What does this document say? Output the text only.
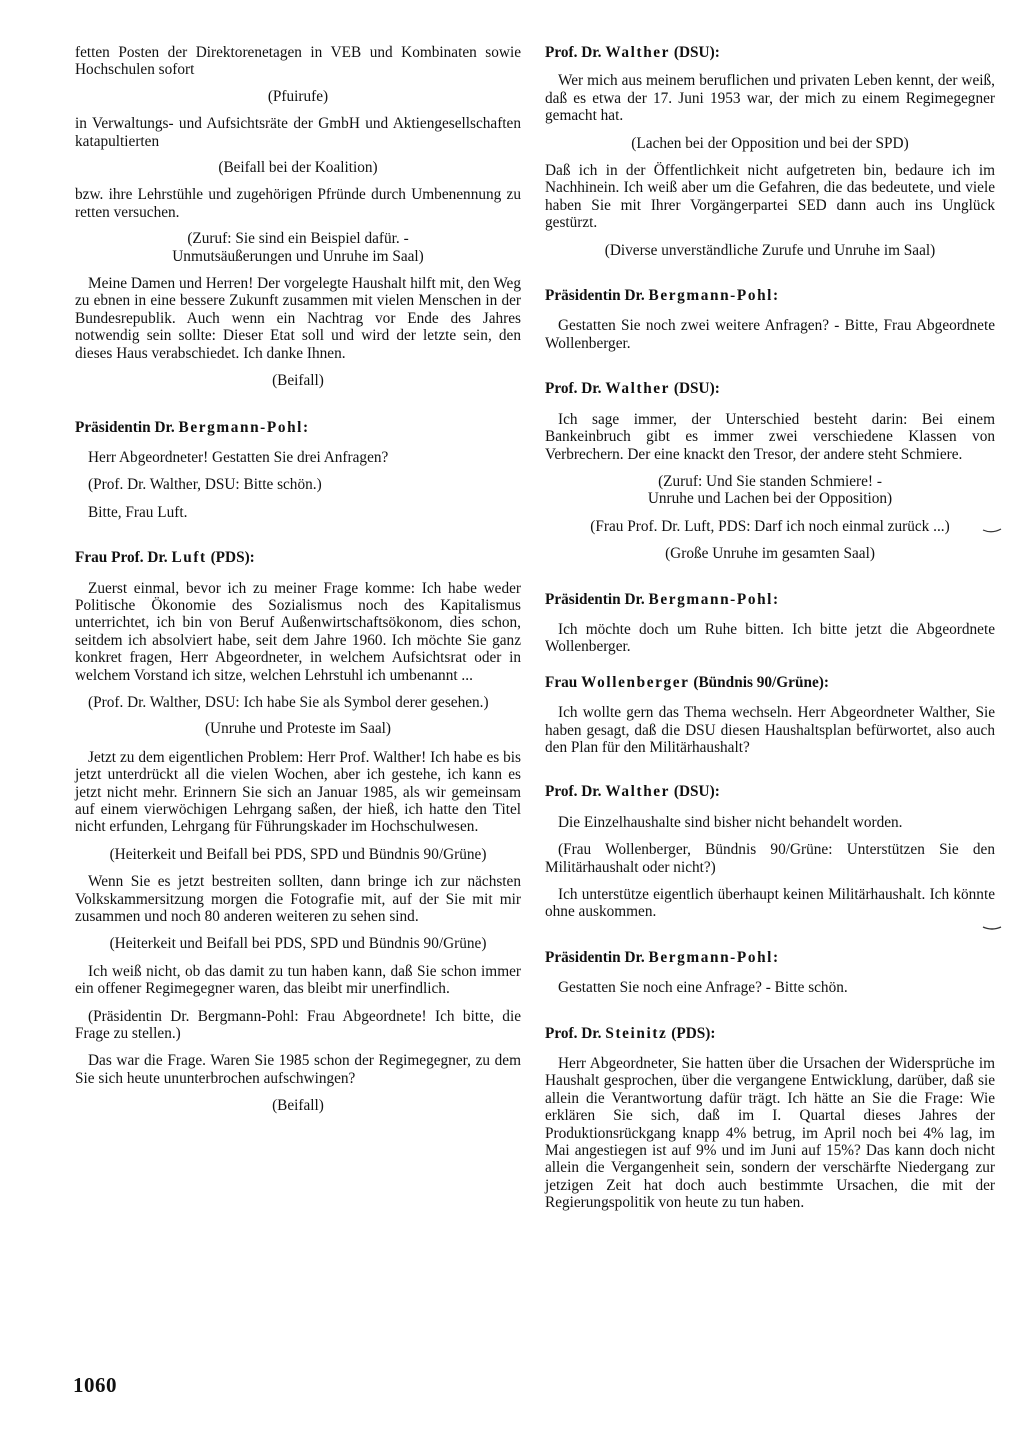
fetten Posten der Direktorenetagen in VEB und Kombinaten sowie Hochschulen sofort

(Pfuirufe)

in Verwaltungs- und Aufsichtsräte der GmbH und Aktiengesellschaften katapultierten

(Beifall bei der Koalition)

bzw. ihre Lehrstühle und zugehörigen Pfründe durch Umbenennung zu retten versuchen.

(Zuruf: Sie sind ein Beispiel dafür. -
Unmutsäußerungen und Unruhe im Saal)

Meine Damen und Herren! Der vorgelegte Haushalt hilft mit, den Weg zu ebnen in eine bessere Zukunft zusammen mit vielen Menschen in der Bundesrepublik. Auch wenn ein Nachtrag vor Ende des Jahres notwendig sein sollte: Dieser Etat soll und wird der letzte sein, den dieses Haus verabschiedet. Ich danke Ihnen.

(Beifall)

Präsidentin Dr. Bergmann-Pohl:

Herr Abgeordneter! Gestatten Sie drei Anfragen?

(Prof. Dr. Walther, DSU: Bitte schön.)

Bitte, Frau Luft.

Frau Prof. Dr. Luft (PDS):

Zuerst einmal, bevor ich zu meiner Frage komme: Ich habe weder Politische Ökonomie des Sozialismus noch des Kapitalismus unterrichtet, ich bin von Beruf Außenwirtschaftsökonom, dies schon, seitdem ich absolviert habe, seit dem Jahre 1960. Ich möchte Sie ganz konkret fragen, Herr Abgeordneter, in welchem Aufsichtsrat oder in welchem Vorstand ich sitze, welchen Lehrstuhl ich umbenannt ...

(Prof. Dr. Walther, DSU: Ich habe Sie als Symbol derer gesehen.)

(Unruhe und Proteste im Saal)

Jetzt zu dem eigentlichen Problem: Herr Prof. Walther! Ich habe es bis jetzt unterdrückt all die vielen Wochen, aber ich gestehe, ich kann es jetzt nicht mehr. Erinnern Sie sich an Januar 1985, als wir gemeinsam auf einem vierwöchigen Lehrgang saßen, der hieß, ich hatte den Titel nicht erfunden, Lehrgang für Führungskader im Hochschulwesen.

(Heiterkeit und Beifall bei PDS, SPD und Bündnis 90/Grüne)

Wenn Sie es jetzt bestreiten sollten, dann bringe ich zur nächsten Volkskammersitzung morgen die Fotografie mit, auf der Sie mit mir zusammen und noch 80 anderen weiteren zu sehen sind.

(Heiterkeit und Beifall bei PDS, SPD und Bündnis 90/Grüne)

Ich weiß nicht, ob das damit zu tun haben kann, daß Sie schon immer ein offener Regimegegner waren, das bleibt mir unerfindlich.

(Präsidentin Dr. Bergmann-Pohl: Frau Abgeordnete! Ich bitte, die Frage zu stellen.)

Das war die Frage. Waren Sie 1985 schon der Regimegegner, zu dem Sie sich heute ununterbrochen aufschwingen?

(Beifall)

Prof. Dr. Walther (DSU):

Wer mich aus meinem beruflichen und privaten Leben kennt, der weiß, daß es etwa der 17. Juni 1953 war, der mich zu einem Regimegegner gemacht hat.

(Lachen bei der Opposition und bei der SPD)

Daß ich in der Öffentlichkeit nicht aufgetreten bin, bedaure ich im Nachhinein. Ich weiß aber um die Gefahren, die das bedeutete, und viele haben Sie mit Ihrer Vorgängerpartei SED dann auch ins Unglück gestürzt.

(Diverse unverständliche Zurufe und Unruhe im Saal)

Präsidentin Dr. Bergmann-Pohl:

Gestatten Sie noch zwei weitere Anfragen? - Bitte, Frau Abgeordnete Wollenberger.

Prof. Dr. Walther (DSU):

Ich sage immer, der Unterschied besteht darin: Bei einem Bankeinbruch gibt es immer zwei verschiedene Klassen von Verbrechern. Der eine knackt den Tresor, der andere steht Schmiere.

(Zuruf: Und Sie standen Schmiere! -
Unruhe und Lachen bei der Opposition)

(Frau Prof. Dr. Luft, PDS: Darf ich noch einmal zurück ...)

(Große Unruhe im gesamten Saal)

Präsidentin Dr. Bergmann-Pohl:

Ich möchte doch um Ruhe bitten. Ich bitte jetzt die Abgeordnete Wollenberger.

Frau Wollenberger (Bündnis 90/Grüne):

Ich wollte gern das Thema wechseln. Herr Abgeordneter Walther, Sie haben gesagt, daß die DSU diesen Haushaltsplan befürwortet, also auch den Plan für den Militärhaushalt?

Prof. Dr. Walther (DSU):

Die Einzelhaushalte sind bisher nicht behandelt worden.

(Frau Wollenberger, Bündnis 90/Grüne: Unterstützen Sie den Militärhaushalt oder nicht?)

Ich unterstütze eigentlich überhaupt keinen Militärhaushalt. Ich könnte ohne auskommen.

Präsidentin Dr. Bergmann-Pohl:

Gestatten Sie noch eine Anfrage? - Bitte schön.

Prof. Dr. Steinitz (PDS):

Herr Abgeordneter, Sie hatten über die Ursachen der Widersprüche im Haushalt gesprochen, über die vergangene Entwicklung, darüber, daß sie allein die Verantwortung dafür trägt. Ich hätte an Sie die Frage: Wie erklären Sie sich, daß im I. Quartal dieses Jahres der Produktionsrückgang knapp 4% betrug, im April noch bei 4% lag, im Mai angestiegen ist auf 9% und im Juni auf 15%? Das kann doch nicht allein die Vergangenheit sein, sondern der verschärfte Niedergang zur jetzigen Zeit hat doch auch bestimmte Ursachen, die mit der Regierungspolitik von heute zu tun haben.

1060
